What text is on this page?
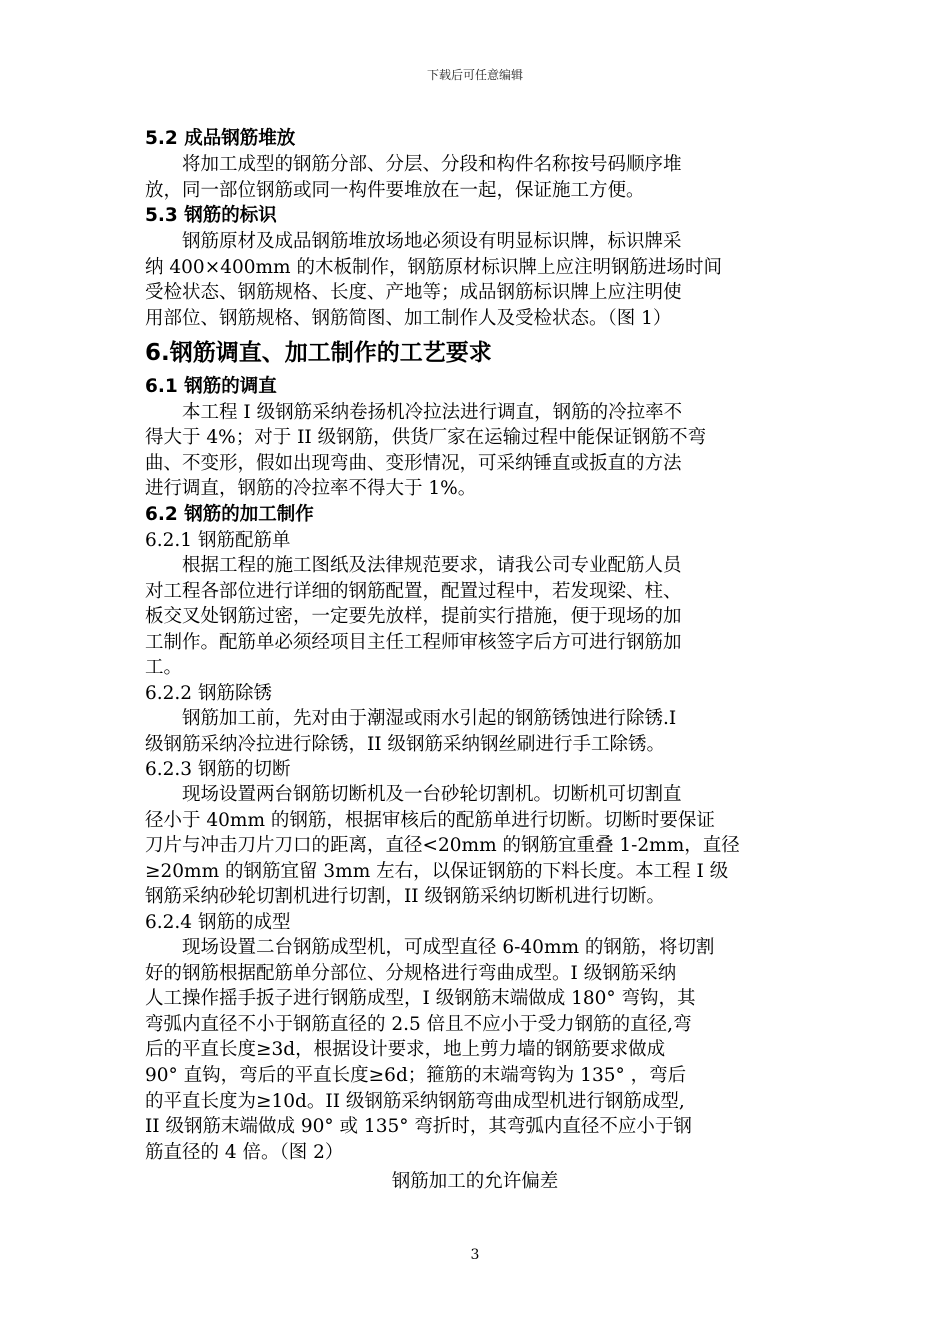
下载后可任意编辑
5.2 成品钢筋堆放

　　将加工成型的钢筋分部、分层、分段和构件名称按号码顺序堆

放，同一部位钢筋或同一构件要堆放在一起，保证施工方便。

5.3 钢筋的标识

　　钢筋原材及成品钢筋堆放场地必须设有明显标识牌，标识牌采

纳 400×400mm 的木板制作，钢筋原材标识牌上应注明钢筋进场时间

受检状态、钢筋规格、长度、产地等；成品钢筋标识牌上应注明使

用部位、钢筋规格、钢筋简图、加工制作人及受检状态。（图 1）

6.钢筋调直、加工制作的工艺要求
6.1 钢筋的调直

　　本工程 I 级钢筋采纳卷扬机冷拉法进行调直，钢筋的冷拉率不

得大于 4%；对于 II 级钢筋，供货厂家在运输过程中能保证钢筋不弯

曲、不变形，假如出现弯曲、变形情况，可采纳锤直或扳直的方法

进行调直，钢筋的冷拉率不得大于 1%。

6.2 钢筋的加工制作
6.2.1 钢筋配筋单

　　根据工程的施工图纸及法律规范要求，请我公司专业配筋人员

对工程各部位进行详细的钢筋配置，配置过程中，若发现梁、柱、

板交叉处钢筋过密，一定要先放样，提前实行措施，便于现场的加

工制作。配筋单必须经项目主任工程师审核签字后方可进行钢筋加

工。

6.2.2 钢筋除锈

　　钢筋加工前，先对由于潮湿或雨水引起的钢筋锈蚀进行除锈.I

级钢筋采纳冷拉进行除锈，II 级钢筋采纳钢丝刷进行手工除锈。

6.2.3 钢筋的切断

　　现场设置两台钢筋切断机及一台砂轮切割机。切断机可切割直

径小于 40mm 的钢筋，根据审核后的配筋单进行切断。切断时要保证

刀片与冲击刀片刀口的距离，直径<20mm 的钢筋宜重叠 1-2mm，直径

≥20mm 的钢筋宜留 3mm 左右，以保证钢筋的下料长度。本工程 I 级

钢筋采纳砂轮切割机进行切割，II 级钢筋采纳切断机进行切断。

6.2.4 钢筋的成型

　　现场设置二台钢筋成型机，可成型直径 6-40mm 的钢筋，将切割

好的钢筋根据配筋单分部位、分规格进行弯曲成型。I 级钢筋采纳

人工操作摇手扳子进行钢筋成型，I 级钢筋末端做成 180° 弯钩，其

弯弧内直径不小于钢筋直径的 2.5 倍且不应小于受力钢筋的直径,弯

后的平直长度≥3d，根据设计要求，地上剪力墙的钢筋要求做成

90° 直钩，弯后的平直长度≥6d；箍筋的末端弯钩为 135° ，弯后

的平直长度为≥10d。II 级钢筋采纳钢筋弯曲成型机进行钢筋成型,

II 级钢筋末端做成 90° 或 135° 弯折时，其弯弧内直径不应小于钢

筋直径的 4 倍。（图 2）

钢筋加工的允许偏差
3
